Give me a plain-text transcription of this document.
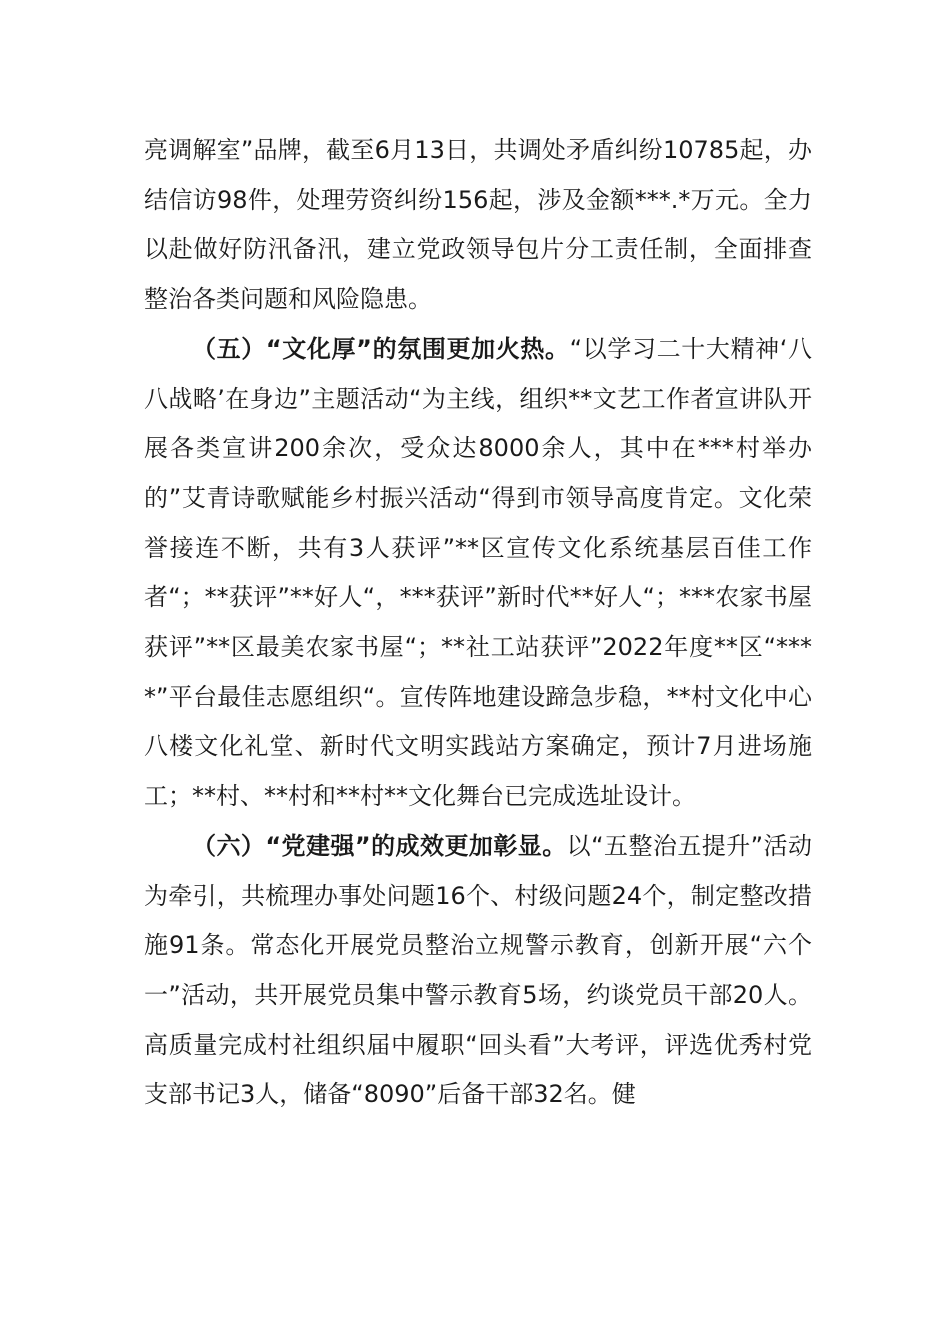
亮调解室”品牌，截至6月13日，共调处矛盾纠纷10785起，办结信访98件，处理劳资纠纷156起，涉及金额***.*万元。全力以赴做好防汛备汛，建立党政领导包片分工责任制，全面排查整治各类问题和风险隐患。

（五）“文化厚”的氛围更加火热。“以学习二十大精神‘八八战略’在身边”主题活动“为主线，组织**文艺工作者宣讲队开展各类宣讲200余次，受众达8000余人，其中在***村举办的”艾青诗歌赋能乡村振兴活动“得到市领导高度肯定。文化荣誉接连不断，共有3人获评”**区宣传文化系统基层百佳工作者“；**获评”**好人“，***获评”新时代**好人“；***农家书屋获评”**区最美农家书屋“；**社工站获评”2022年度**区“****”平台最佳志愿组织“。宣传阵地建设蹄急步稳，**村文化中心八楼文化礼堂、新时代文明实践站方案确定，预计7月进场施工；**村、**村和**村**文化舞台已完成选址设计。

（六）“党建强”的成效更加彰显。以“五整治五提升”活动为牵引，共梳理办事处问题16个、村级问题24个，制定整改措施91条。常态化开展党员整治立规警示教育，创新开展“六个一”活动，共开展党员集中警示教育5场，约谈党员干部20人。高质量完成村社组织届中履职“回头看”大考评，评选优秀村党支部书记3人，储备“8090”后备干部32名。健
